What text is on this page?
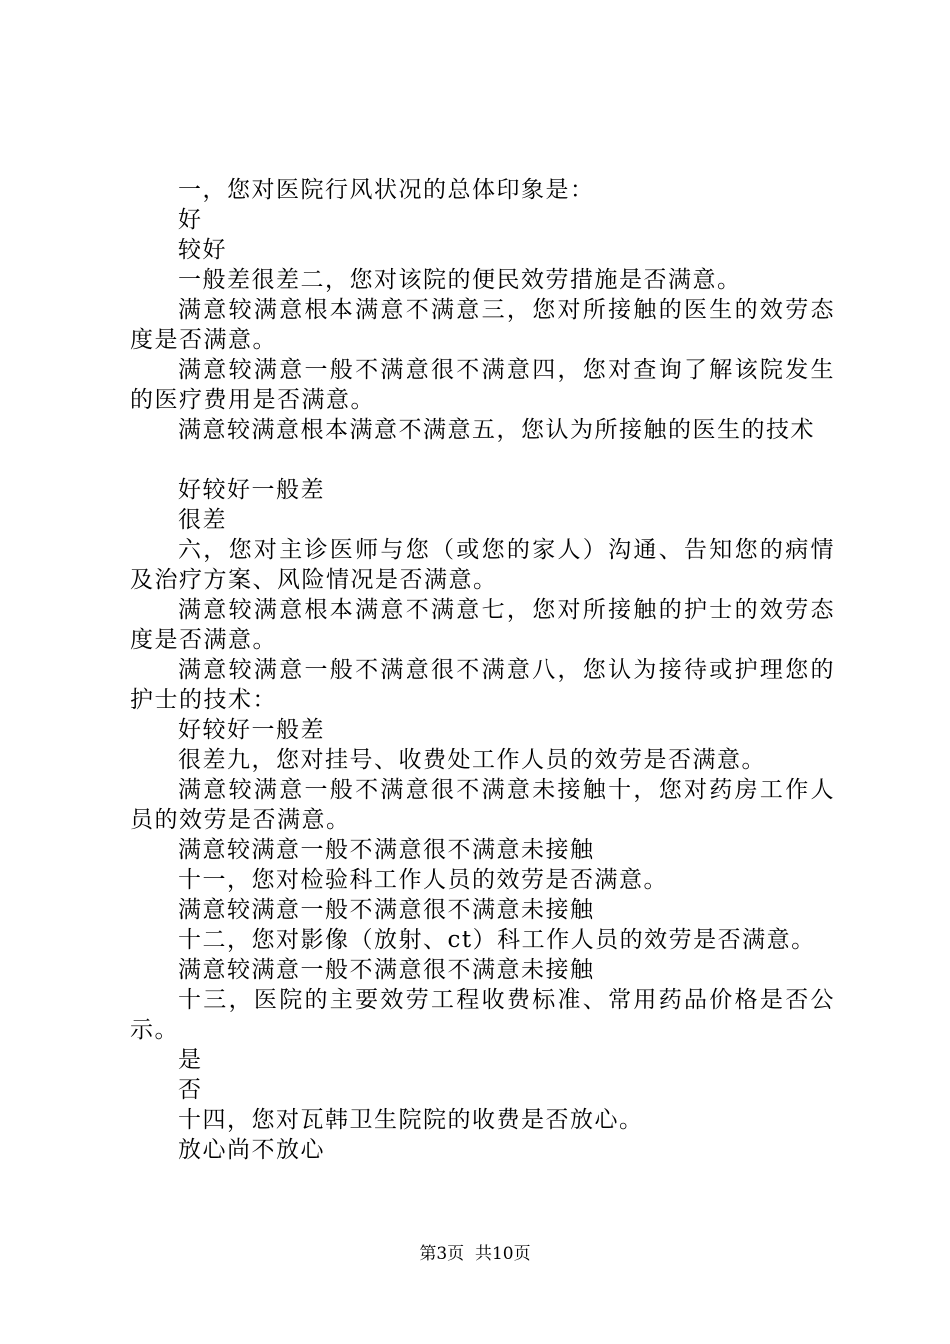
一，您对医院行风状况的总体印象是：

好

较好

一般差很差二，您对该院的便民效劳措施是否满意。

满意较满意根本满意不满意三，您对所接触的医生的效劳态度是否满意。

满意较满意一般不满意很不满意四，您对查询了解该院发生的医疗费用是否满意。

满意较满意根本满意不满意五，您认为所接触的医生的技术

好较好一般差

很差

六，您对主诊医师与您（或您的家人）沟通、告知您的病情及治疗方案、风险情况是否满意。

满意较满意根本满意不满意七，您对所接触的护士的效劳态度是否满意。

满意较满意一般不满意很不满意八，您认为接待或护理您的护士的技术：

好较好一般差

很差九，您对挂号、收费处工作人员的效劳是否满意。

满意较满意一般不满意很不满意未接触十，您对药房工作人员的效劳是否满意。

满意较满意一般不满意很不满意未接触

十一，您对检验科工作人员的效劳是否满意。

满意较满意一般不满意很不满意未接触

十二，您对影像（放射、ct）科工作人员的效劳是否满意。

满意较满意一般不满意很不满意未接触

十三，医院的主要效劳工程收费标准、常用药品价格是否公示。

是

否

十四，您对瓦韩卫生院院的收费是否放心。

放心尚不放心

第3页  共10页
